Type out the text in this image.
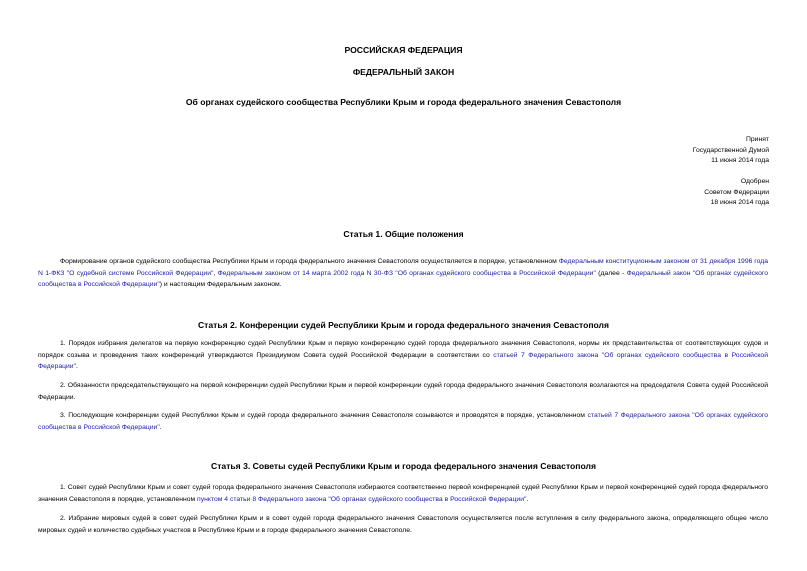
РОССИЙСКАЯ ФЕДЕРАЦИЯ
ФЕДЕРАЛЬНЫЙ ЗАКОН
Об органах судейского сообщества Республики Крым и города федерального значения Севастополя
Принят
Государственной Думой
11 июня 2014 года
Одобрен
Советом Федерации
18 июня 2014 года
Статья 1. Общие положения
Формирование органов судейского сообщества Республики Крым и города федерального значения Севастополя осуществляется в порядке, установленном Федеральным конституционным законом от 31 декабря 1996 года N 1-ФКЗ "О судебной системе Российской Федерации", Федеральным законом от 14 марта 2002 года N 30-ФЗ "Об органах судейского сообщества в Российской Федерации" (далее - Федеральный закон "Об органах судейского сообщества в Российской Федерации") и настоящим Федеральным законом.
Статья 2. Конференции судей Республики Крым и города федерального значения Севастополя
1. Порядок избрания делегатов на первую конференцию судей Республики Крым и первую конференцию судей города федерального значения Севастополя, нормы их представительства от соответствующих судов и порядок созыва и проведения таких конференций утверждаются Президиумом Совета судей Российской Федерации в соответствии со статьей 7 Федерального закона "Об органах судейского сообщества в Российской Федерации".
2. Обязанности председательствующего на первой конференции судей Республики Крым и первой конференции судей города федерального значения Севастополя возлагаются на председателя Совета судей Российской Федерации.
3. Последующие конференции судей Республики Крым и судей города федерального значения Севастополя созываются и проводятся в порядке, установленном статьей 7 Федерального закона "Об органах судейского сообщества в Российской Федерации".
Статья 3. Советы судей Республики Крым и города федерального значения Севастополя
1. Совет судей Республики Крым и совет судей города федерального значения Севастополя избираются соответственно первой конференцией судей Республики Крым и первой конференцией судей города федерального значения Севастополя в порядке, установленном пунктом 4 статьи 8 Федерального закона "Об органах судейского сообщества в Российской Федерации".
2. Избрание мировых судей в совет судей Республики Крым и в совет судей города федерального значения Севастополя осуществляется после вступления в силу федерального закона, определяющего общее число мировых судей и количество судебных участков в Республике Крым и в городе федерального значения Севастополе.
